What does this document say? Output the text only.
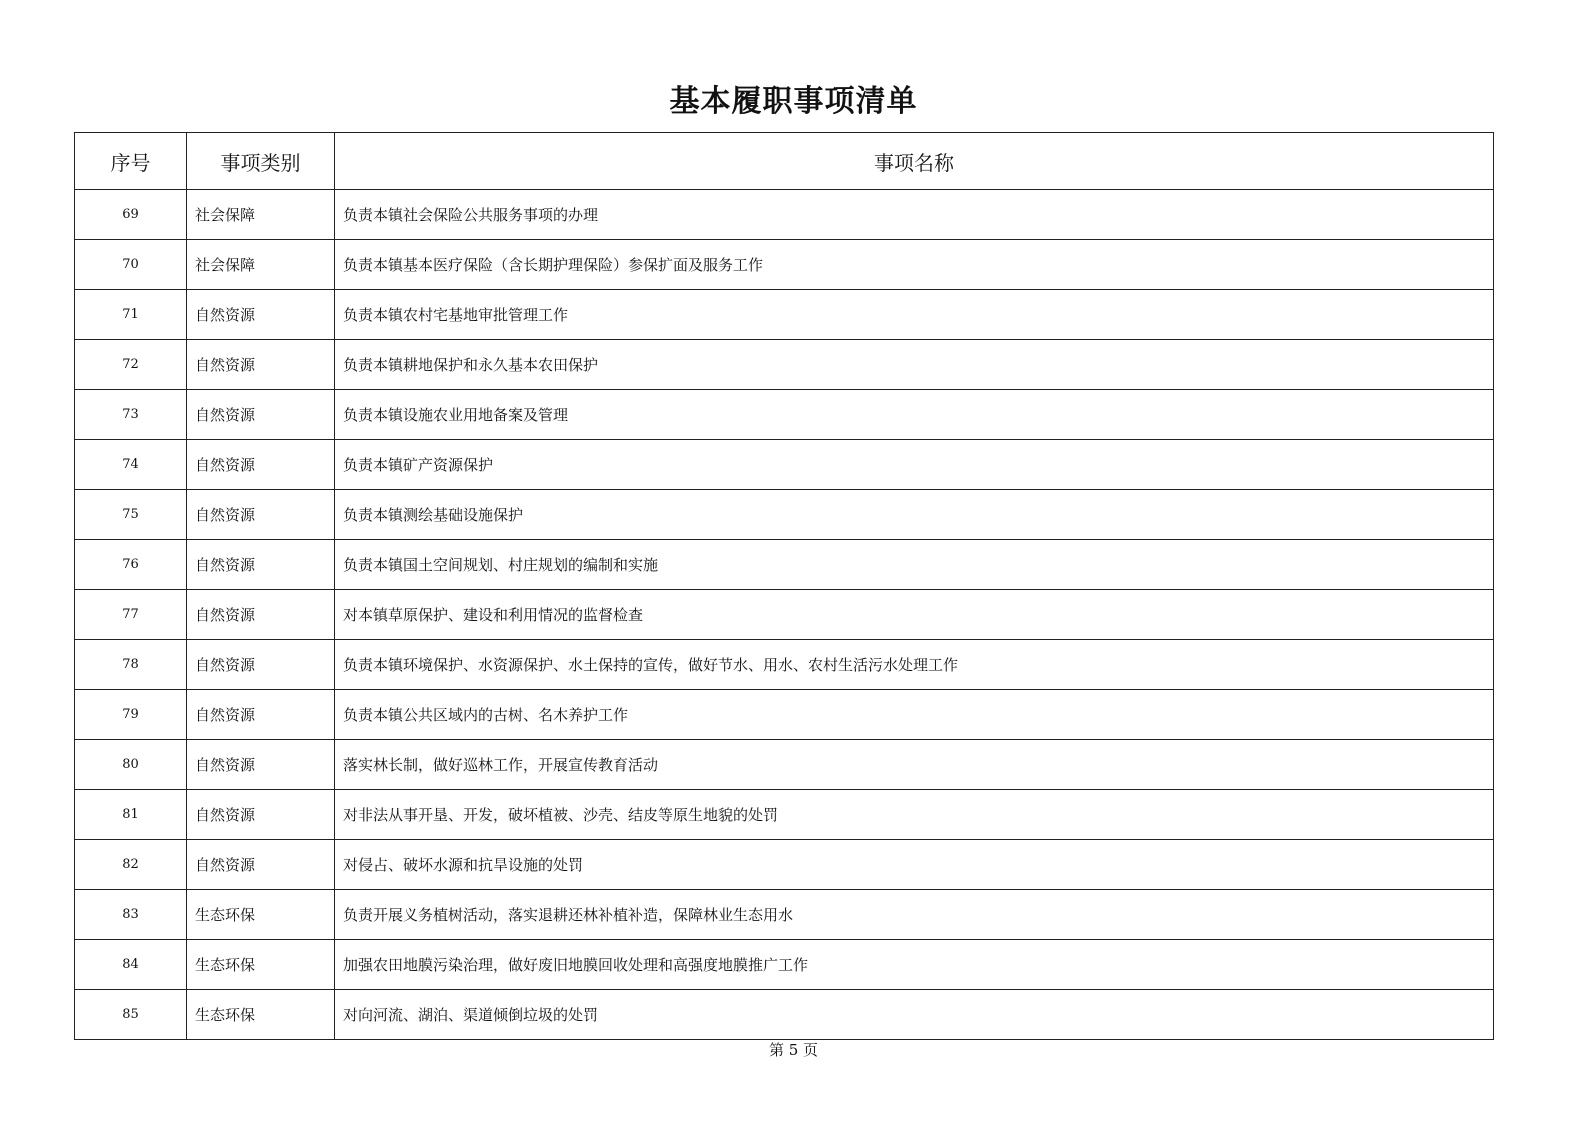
基本履职事项清单
序号	事项类别	事项名称
69	社会保障	负责本镇社会保险公共服务事项的办理
70	社会保障	负责本镇基本医疗保险（含长期护理保险）参保扩面及服务工作
71	自然资源	负责本镇农村宅基地审批管理工作
72	自然资源	负责本镇耕地保护和永久基本农田保护
73	自然资源	负责本镇设施农业用地备案及管理
74	自然资源	负责本镇矿产资源保护
75	自然资源	负责本镇测绘基础设施保护
76	自然资源	负责本镇国土空间规划、村庄规划的编制和实施
77	自然资源	对本镇草原保护、建设和利用情况的监督检查
78	自然资源	负责本镇环境保护、水资源保护、水土保持的宣传，做好节水、用水、农村生活污水处理工作
79	自然资源	负责本镇公共区域内的古树、名木养护工作
80	自然资源	落实林长制，做好巡林工作，开展宣传教育活动
81	自然资源	对非法从事开垦、开发，破坏植被、沙壳、结皮等原生地貌的处罚
82	自然资源	对侵占、破坏水源和抗旱设施的处罚
83	生态环保	负责开展义务植树活动，落实退耕还林补植补造，保障林业生态用水
84	生态环保	加强农田地膜污染治理，做好废旧地膜回收处理和高强度地膜推广工作
85	生态环保	对向河流、湖泊、渠道倾倒垃圾的处罚
第 5 页
